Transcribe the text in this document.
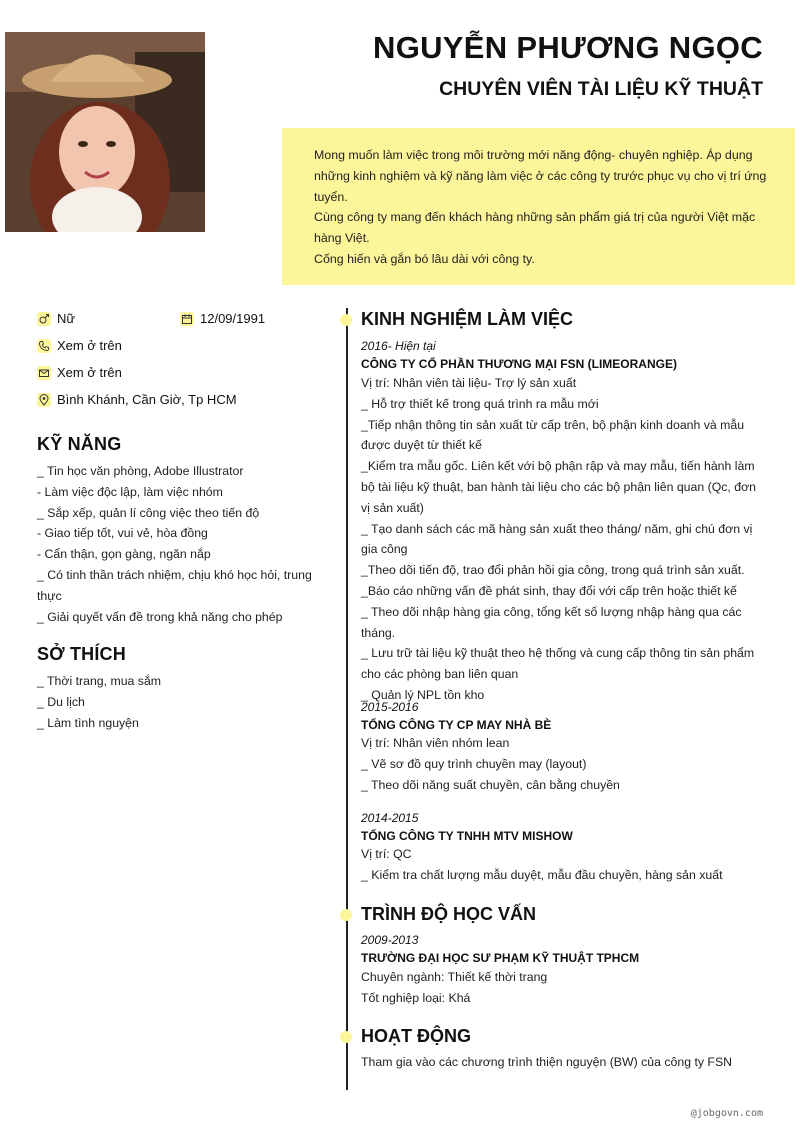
NGUYỄN PHƯƠNG NGỌC
CHUYÊN VIÊN TÀI LIỆU KỸ THUẬT

Mong muốn làm việc trong môi trường mới năng động- chuyên nghiệp. Áp dụng những kinh nghiệm và kỹ năng làm việc ở các công ty trước phục vụ cho vị trí ứng tuyển.

Cùng công ty mang đến khách hàng những sản phẩm giá trị của người Việt mặc hàng Việt.

Cống hiến và gắn bó lâu dài với công ty.

Nữ	12/09/1991
Xem ở trên
Xem ở trên
Bình Khánh, Cần Giờ, Tp HCM
KỸ NĂNG
_ Tin học văn phòng, Adobe Illustrator
- Làm việc độc lập, làm việc nhóm
_ Sắp xếp, quản lí công việc theo tiến độ
- Giao tiếp tốt, vui vẻ, hòa đồng
- Cẩn thận, gọn gàng, ngăn nắp
_ Có tinh thần trách nhiệm, chịu khó học hỏi, trung thực
_ Giải quyết vấn đề trong khả năng cho phép
SỞ THÍCH
_ Thời trang, mua sắm
_ Du lịch
_ Làm tình nguyện
KINH NGHIỆM LÀM VIỆC
2016- Hiện tại
CÔNG TY CỔ PHẦN THƯƠNG MẠI FSN (LIMEORANGE)
Vị trí: Nhân viên tài liệu- Trợ lý sản xuất
_ Hỗ trợ thiết kế trong quá trình ra mẫu mới
_Tiếp nhận thông tin sản xuất từ cấp trên, bộ phận kinh doanh và mẫu được duyệt từ thiết kế
_Kiểm tra mẫu gốc. Liên kết với bộ phận rập và may mẫu, tiến hành làm bộ tài liệu kỹ thuật, ban hành tài liệu cho các bộ phận liên quan (Qc, đơn vị sản xuất)
_ Tạo danh sách các mã hàng sản xuất theo tháng/ năm, ghi chú đơn vị gia công
_Theo dõi tiến độ, trao đổi phản hồi gia công, trong quá trình sản xuất.
_Báo cáo những vấn đề phát sinh, thay đổi với cấp trên hoặc thiết kế
_ Theo dõi nhập hàng gia công, tổng kết số lượng nhập hàng qua các tháng.
_ Lưu trữ tài liệu kỹ thuật theo hệ thống và cung cấp thông tin sản phẩm cho các phòng ban liên quan
_ Quản lý NPL tồn kho
2015-2016
TỔNG CÔNG TY CP MAY NHÀ BÈ
Vị trí: Nhân viên nhóm lean
_ Vẽ sơ đồ quy trình chuyền may (layout)
_ Theo dõi năng suất chuyền, cân bằng chuyền
2014-2015
TỔNG CÔNG TY TNHH MTV MISHOW
Vị trí: QC
_ Kiểm tra chất lượng mẫu duyệt, mẫu đầu chuyền, hàng sản xuất
TRÌNH ĐỘ HỌC VẤN
2009-2013
TRƯỜNG ĐẠI HỌC SƯ PHẠM KỸ THUẬT TPHCM
Chuyên ngành: Thiết kế thời trang
Tốt nghiệp loại: Khá
HOẠT ĐỘNG
Tham gia vào các chương trình thiện nguyện (BW) của công ty FSN
@jobgovn.com
